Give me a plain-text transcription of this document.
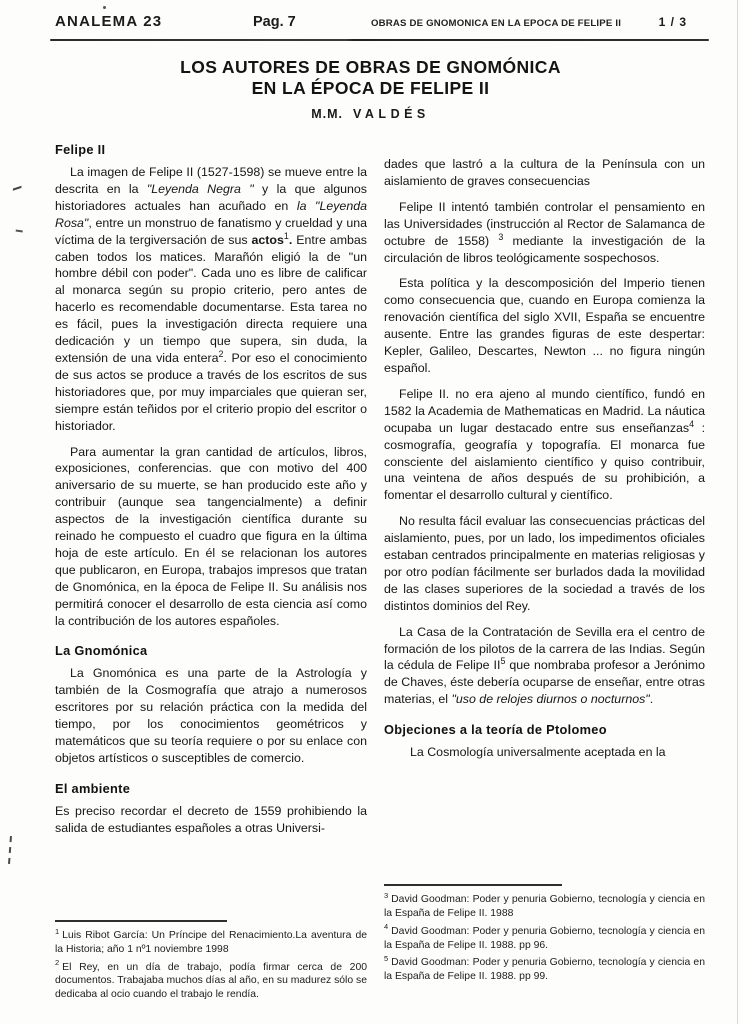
ANALEMA 23	Pag. 7	OBRAS DE GNOMONICA EN LA EPOCA DE FELIPE II	1 / 3
LOS AUTORES DE OBRAS DE GNOMÓNICA
EN LA ÉPOCA DE FELIPE II
M.M. VALDÉS
Felipe II
La imagen de Felipe II (1527-1598) se mueve entre la descrita en la "Leyenda Negra " y la que algunos historiadores actuales han acuñado en la "Leyenda Rosa", entre un monstruo de fanatismo y crueldad y una víctima de la tergiversación de sus actos$^1$. Entre ambas caben todos los matices. Marañón eligió la de "un hombre débil con poder". Cada uno es libre de calificar al monarca según su propio criterio, pero antes de hacerlo es recomendable documentarse. Esta tarea no es fácil, pues la investigación directa requiere una dedicación y un tiempo que supera, sin duda, la extensión de una vida entera$^2$. Por eso el conocimiento de sus actos se produce a través de los escritos de sus historiadores que, por muy imparciales que quieran ser, siempre están teñidos por el criterio propio del escritor o historiador.
Para aumentar la gran cantidad de artículos, libros, exposiciones, conferencias. que con motivo del 400 aniversario de su muerte, se han producido este año y contribuir (aunque sea tangencialmente) a definir aspectos de la investigación científica durante su reinado he compuesto el cuadro que figura en la última hoja de este artículo. En él se relacionan los autores que publicaron, en Europa, trabajos impresos que tratan de Gnomónica, en la época de Felipe II. Su análisis nos permitirá conocer el desarrollo de esta ciencia así como la contribución de los autores españoles.
La Gnomónica
La Gnomónica es una parte de la Astrología y también de la Cosmografía que atrajo a numerosos escritores por su relación práctica con la medida del tiempo, por los conocimientos geométricos y matemáticos que su teoría requiere o por su enlace con objetos artísticos o susceptibles de comercio.
El ambiente
Es preciso recordar el decreto de 1559 prohibiendo la salida de estudiantes españoles a otras Universi-
$^1$ Luis Ribot García: Un Príncipe del Renacimiento.La aventura de la Historia; año 1 nº1 noviembre 1998
$^2$ El Rey, en un día de trabajo, podía firmar cerca de 200 documentos. Trabajaba muchos días al año, en su madurez sólo se dedicaba al ocio cuando el trabajo le rendía.
dades que lastró a la cultura de la Península con un aislamiento de graves consecuencias
Felipe II intentó también controlar el pensamiento en las Universidades (instrucción al Rector de Salamanca de octubre de 1558) $^3$ mediante la investigación de la circulación de libros teológicamente sospechosos.
Esta política y la descomposición del Imperio tienen como consecuencia que, cuando en Europa comienza la renovación científica del siglo XVII, España se encuentre ausente. Entre las grandes figuras de este despertar: Kepler, Galileo, Descartes, Newton ... no figura ningún español.
Felipe II. no era ajeno al mundo científico, fundó en 1582 la Academia de Mathematicas en Madrid. La náutica ocupaba un lugar destacado entre sus enseñanzas$^4$ : cosmografía, geografía y topografía. El monarca fue consciente del aislamiento científico y quiso contribuir, una veintena de años después de su prohibición, a fomentar el desarrollo cultural y científico.
No resulta fácil evaluar las consecuencias prácticas del aislamiento, pues, por un lado, los impedimentos oficiales estaban centrados principalmente en materias religiosas y por otro podían fácilmente ser burlados dada la movilidad de las clases superiores de la sociedad a través de los distintos dominios del Rey.
La Casa de la Contratación de Sevilla era el centro de formación de los pilotos de la carrera de las Indias. Según la cédula de Felipe $II^5$ que nombraba profesor a Jerónimo de Chaves, éste debería ocuparse de enseñar, entre otras materias, el "uso de relojes diurnos o nocturnos".
Objeciones a la teoría de Ptolomeo
La Cosmología universalmente aceptada en la
$^3$ David Goodman: Poder y penuria Gobierno, tecnología y ciencia en la España de Felipe II. 1988
$^4$ David Goodman: Poder y penuria Gobierno, tecnología y ciencia en la España de Felipe II. 1988. pp 96.
$^5$ David Goodman: Poder y penuria Gobierno, tecnología y ciencia en la España de Felipe II. 1988. pp 99.
